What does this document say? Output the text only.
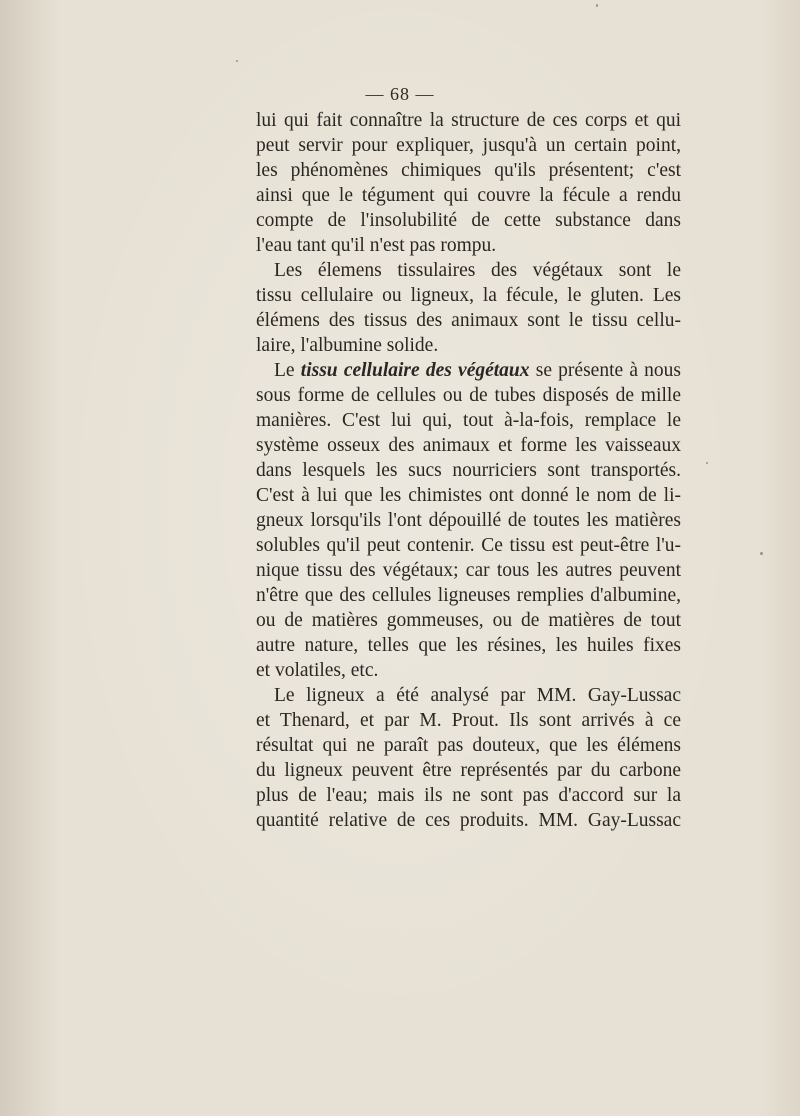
— 68 —
lui qui fait connaître la structure de ces corps et qui
peut servir pour expliquer, jusqu'à un certain point,
les phénomènes chimiques qu'ils présentent; c'est
ainsi que le tégument qui couvre la fécule a rendu
compte de l'insolubilité de cette substance dans
l'eau tant qu'il n'est pas rompu.
Les élemens tissulaires des végétaux sont le
tissu cellulaire ou ligneux, la fécule, le gluten. Les
élémens des tissus des animaux sont le tissu cellu-
laire, l'albumine solide.
Le tissu cellulaire des végétaux se présente à nous
sous forme de cellules ou de tubes disposés de mille
manières. C'est lui qui, tout à-la-fois, remplace le
système osseux des animaux et forme les vaisseaux
dans lesquels les sucs nourriciers sont transportés.
C'est à lui que les chimistes ont donné le nom de li-
gneux lorsqu'ils l'ont dépouillé de toutes les matières
solubles qu'il peut contenir. Ce tissu est peut-être l'u-
nique tissu des végétaux; car tous les autres peuvent
n'être que des cellules ligneuses remplies d'albumine,
ou de matières gommeuses, ou de matières de tout
autre nature, telles que les résines, les huiles fixes
et volatiles, etc.
Le ligneux a été analysé par MM. Gay-Lussac
et Thenard, et par M. Prout. Ils sont arrivés à ce
résultat qui ne paraît pas douteux, que les élémens
du ligneux peuvent être représentés par du carbone
plus de l'eau; mais ils ne sont pas d'accord sur la
quantité relative de ces produits. MM. Gay-Lussac
